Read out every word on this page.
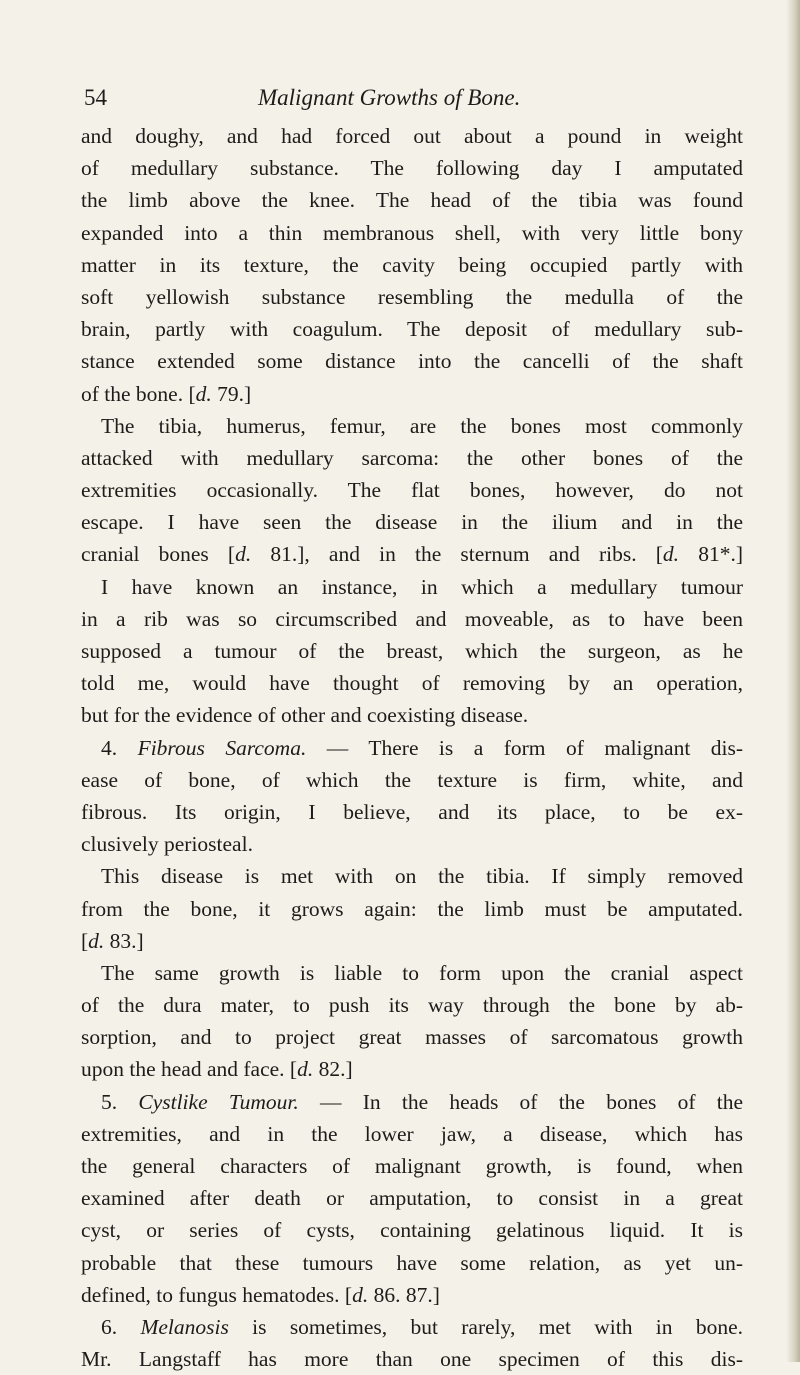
54	Malignant Growths of Bone.
and doughy, and had forced out about a pound in weight
of medullary substance. The following day I amputated
the limb above the knee. The head of the tibia was found
expanded into a thin membranous shell, with very little bony
matter in its texture, the cavity being occupied partly with
soft yellowish substance resembling the medulla of the
brain, partly with coagulum. The deposit of medullary sub-
stance extended some distance into the cancelli of the shaft
of the bone. [d. 79.]
The tibia, humerus, femur, are the bones most commonly
attacked with medullary sarcoma: the other bones of the
extremities occasionally. The flat bones, however, do not
escape. I have seen the disease in the ilium and in the
cranial bones [d. 81.], and in the sternum and ribs. [d. 81*.]
I have known an instance, in which a medullary tumour
in a rib was so circumscribed and moveable, as to have been
supposed a tumour of the breast, which the surgeon, as he
told me, would have thought of removing by an operation,
but for the evidence of other and coexisting disease.
4. Fibrous Sarcoma. — There is a form of malignant dis-
ease of bone, of which the texture is firm, white, and
fibrous. Its origin, I believe, and its place, to be ex-
clusively periosteal.
This disease is met with on the tibia. If simply removed
from the bone, it grows again: the limb must be amputated.
[d. 83.]
The same growth is liable to form upon the cranial aspect
of the dura mater, to push its way through the bone by ab-
sorption, and to project great masses of sarcomatous growth
upon the head and face. [d. 82.]
5. Cystlike Tumour. — In the heads of the bones of the
extremities, and in the lower jaw, a disease, which has
the general characters of malignant growth, is found, when
examined after death or amputation, to consist in a great
cyst, or series of cysts, containing gelatinous liquid. It is
probable that these tumours have some relation, as yet un-
defined, to fungus hematodes. [d. 86. 87.]
6. Melanosis is sometimes, but rarely, met with in bone.
Mr. Langstaff has more than one specimen of this dis-
